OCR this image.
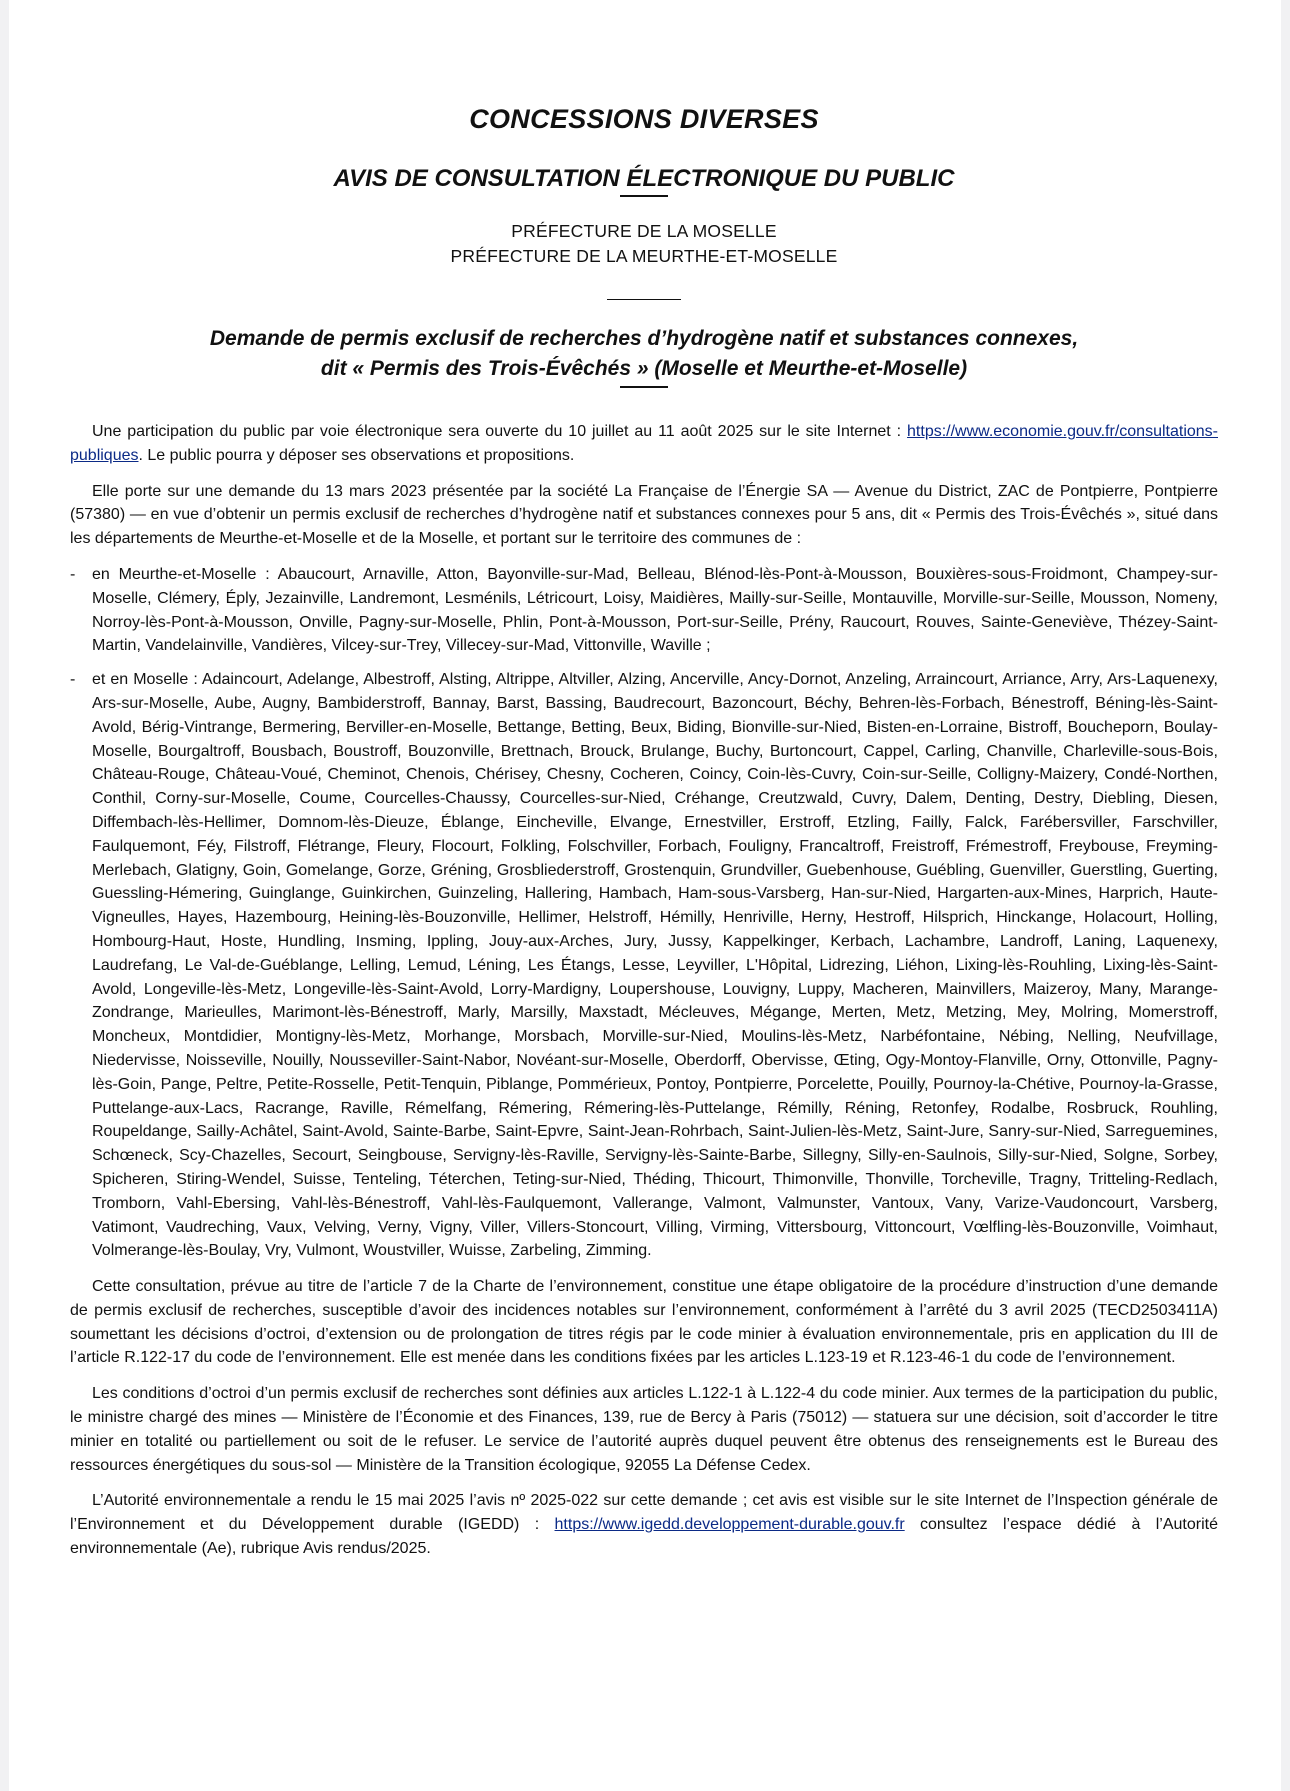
CONCESSIONS DIVERSES
AVIS DE CONSULTATION ÉLECTRONIQUE DU PUBLIC
PRÉFECTURE DE LA MOSELLE
PRÉFECTURE DE LA MEURTHE-ET-MOSELLE
Demande de permis exclusif de recherches d’hydrogène natif et substances connexes,
dit « Permis des Trois-Évêchés » (Moselle et Meurthe-et-Moselle)

Une participation du public par voie électronique sera ouverte du 10 juillet au 11 août 2025 sur le site Internet : https://www.economie.gouv.fr/consultations-publiques. Le public pourra y déposer ses observations et propositions.

Elle porte sur une demande du 13 mars 2023 présentée par la société La Française de l’Énergie SA — Avenue du District, ZAC de Pontpierre, Pontpierre (57380) — en vue d’obtenir un permis exclusif de recherches d’hydrogène natif et substances connexes pour 5 ans, dit « Permis des Trois-Évêchés », situé dans les départements de Meurthe-et-Moselle et de la Moselle, et portant sur le territoire des communes de :

- en Meurthe-et-Moselle : Abaucourt, Arnaville, Atton, Bayonville-sur-Mad, Belleau, Blénod-lès-Pont-à-Mousson, Bouxières-sous-Froidmont, Champey-sur-Moselle, Clémery, Éply, Jezainville, Landremont, Lesménils, Létricourt, Loisy, Maidières, Mailly-sur-Seille, Montauville, Morville-sur-Seille, Mousson, Nomeny, Norroy-lès-Pont-à-Mousson, Onville, Pagny-sur-Moselle, Phlin, Pont-à-Mousson, Port-sur-Seille, Prény, Raucourt, Rouves, Sainte-Geneviève, Thézey-Saint-Martin, Vandelainville, Vandières, Vilcey-sur-Trey, Villecey-sur-Mad, Vittonville, Waville ;
- et en Moselle : Adaincourt, Adelange, Albestroff, Alsting, Altrippe, Altviller, Alzing, Ancerville, Ancy-Dornot, Anzeling, Arraincourt, Arriance, Arry, Ars-Laquenexy, Ars-sur-Moselle, Aube, Augny, Bambiderstroff, Bannay, Barst, Bassing, Baudrecourt, Bazoncourt, Béchy, Behren-lès-Forbach, Bénestroff, Béning-lès-Saint-Avold, Bérig-Vintrange, Bermering, Berviller-en-Moselle, Bettange, Betting, Beux, Biding, Bionville-sur-Nied, Bisten-en-Lorraine, Bistroff, Boucheporn, Boulay-Moselle, Bourgaltroff, Bousbach, Boustroff, Bouzonville, Brettnach, Brouck, Brulange, Buchy, Burtoncourt, Cappel, Carling, Chanville, Charleville-sous-Bois, Château-Rouge, Château-Voué, Cheminot, Chenois, Chérisey, Chesny, Cocheren, Coincy, Coin-lès-Cuvry, Coin-sur-Seille, Colligny-Maizery, Condé-Northen, Conthil, Corny-sur-Moselle, Coume, Courcelles-Chaussy, Courcelles-sur-Nied, Créhange, Creutzwald, Cuvry, Dalem, Denting, Destry, Diebling, Diesen, Diffembach-lès-Hellimer, Domnom-lès-Dieuze, Éblange, Eincheville, Elvange, Ernestviller, Erstroff, Etzling, Failly, Falck, Farébersviller, Farschviller, Faulquemont, Féy, Filstroff, Flétrange, Fleury, Flocourt, Folkling, Folschviller, Forbach, Fouligny, Francaltroff, Freistroff, Frémestroff, Freybouse, Freyming-Merlebach, Glatigny, Goin, Gomelange, Gorze, Gréning, Grosbliederstroff, Grostenquin, Grundviller, Guebenhouse, Guébling, Guenviller, Guerstling, Guerting, Guessling-Hémering, Guinglange, Guinkirchen, Guinzeling, Hallering, Hambach, Ham-sous-Varsberg, Han-sur-Nied, Hargarten-aux-Mines, Harprich, Haute-Vigneulles, Hayes, Hazembourg, Heining-lès-Bouzonville, Hellimer, Helstroff, Hémilly, Henriville, Herny, Hestroff, Hilsprich, Hinckange, Holacourt, Holling, Hombourg-Haut, Hoste, Hundling, Insming, Ippling, Jouy-aux-Arches, Jury, Jussy, Kappelkinger, Kerbach, Lachambre, Landroff, Laning, Laquenexy, Laudrefang, Le Val-de-Guéblange, Lelling, Lemud, Léning, Les Étangs, Lesse, Leyviller, L'Hôpital, Lidrezing, Liéhon, Lixing-lès-Rouhling, Lixing-lès-Saint-Avold, Longeville-lès-Metz, Longeville-lès-Saint-Avold, Lorry-Mardigny, Loupershouse, Louvigny, Luppy, Macheren, Mainvillers, Maizeroy, Many, Marange-Zondrange, Marieulles, Marimont-lès-Bénestroff, Marly, Marsilly, Maxstadt, Mécleuves, Mégange, Merten, Metz, Metzing, Mey, Molring, Momerstroff, Moncheux, Montdidier, Montigny-lès-Metz, Morhange, Morsbach, Morville-sur-Nied, Moulins-lès-Metz, Narbéfontaine, Nébing, Nelling, Neufvillage, Niedervisse, Noisseville, Nouilly, Nousseviller-Saint-Nabor, Novéant-sur-Moselle, Oberdorff, Obervisse, Œting, Ogy-Montoy-Flanville, Orny, Ottonville, Pagny-lès-Goin, Pange, Peltre, Petite-Rosselle, Petit-Tenquin, Piblange, Pommérieux, Pontoy, Pontpierre, Porcelette, Pouilly, Pournoy-la-Chétive, Pournoy-la-Grasse, Puttelange-aux-Lacs, Racrange, Raville, Rémelfang, Rémering, Rémering-lès-Puttelange, Rémilly, Réning, Retonfey, Rodalbe, Rosbruck, Rouhling, Roupeldange, Sailly-Achâtel, Saint-Avold, Sainte-Barbe, Saint-Epvre, Saint-Jean-Rohrbach, Saint-Julien-lès-Metz, Saint-Jure, Sanry-sur-Nied, Sarreguemines, Schœneck, Scy-Chazelles, Secourt, Seingbouse, Servigny-lès-Raville, Servigny-lès-Sainte-Barbe, Sillegny, Silly-en-Saulnois, Silly-sur-Nied, Solgne, Sorbey, Spicheren, Stiring-Wendel, Suisse, Tenteling, Téterchen, Teting-sur-Nied, Théding, Thicourt, Thimonville, Thonville, Torcheville, Tragny, Tritteling-Redlach, Tromborn, Vahl-Ebersing, Vahl-lès-Bénestroff, Vahl-lès-Faulquemont, Vallerange, Valmont, Valmunster, Vantoux, Vany, Varize-Vaudoncourt, Varsberg, Vatimont, Vaudreching, Vaux, Velving, Verny, Vigny, Viller, Villers-Stoncourt, Villing, Virming, Vittersbourg, Vittoncourt, Vœlfling-lès-Bouzonville, Voimhaut, Volmerange-lès-Boulay, Vry, Vulmont, Woustviller, Wuisse, Zarbeling, Zimming.

Cette consultation, prévue au titre de l’article 7 de la Charte de l’environnement, constitue une étape obligatoire de la procédure d’instruction d’une demande de permis exclusif de recherches, susceptible d’avoir des incidences notables sur l’environnement, conformément à l’arrêté du 3 avril 2025 (TECD2503411A) soumettant les décisions d’octroi, d’extension ou de prolongation de titres régis par le code minier à évaluation environnementale, pris en application du III de l’article R.122-17 du code de l’environnement. Elle est menée dans les conditions fixées par les articles L.123-19 et R.123-46-1 du code de l’environnement.

Les conditions d’octroi d’un permis exclusif de recherches sont définies aux articles L.122-1 à L.122-4 du code minier. Aux termes de la participation du public, le ministre chargé des mines — Ministère de l’Économie et des Finances, 139, rue de Bercy à Paris (75012) — statuera sur une décision, soit d’accorder le titre minier en totalité ou partiellement ou soit de le refuser. Le service de l’autorité auprès duquel peuvent être obtenus des renseignements est le Bureau des ressources énergétiques du sous-sol — Ministère de la Transition écologique, 92055 La Défense Cedex.

L’Autorité environnementale a rendu le 15 mai 2025 l’avis nº 2025-022 sur cette demande ; cet avis est visible sur le site Internet de l’Inspection générale de l’Environnement et du Développement durable (IGEDD) : https://www.igedd.developpement-durable.gouv.fr consultez l’espace dédié à l’Autorité environnementale (Ae), rubrique Avis rendus/2025.
